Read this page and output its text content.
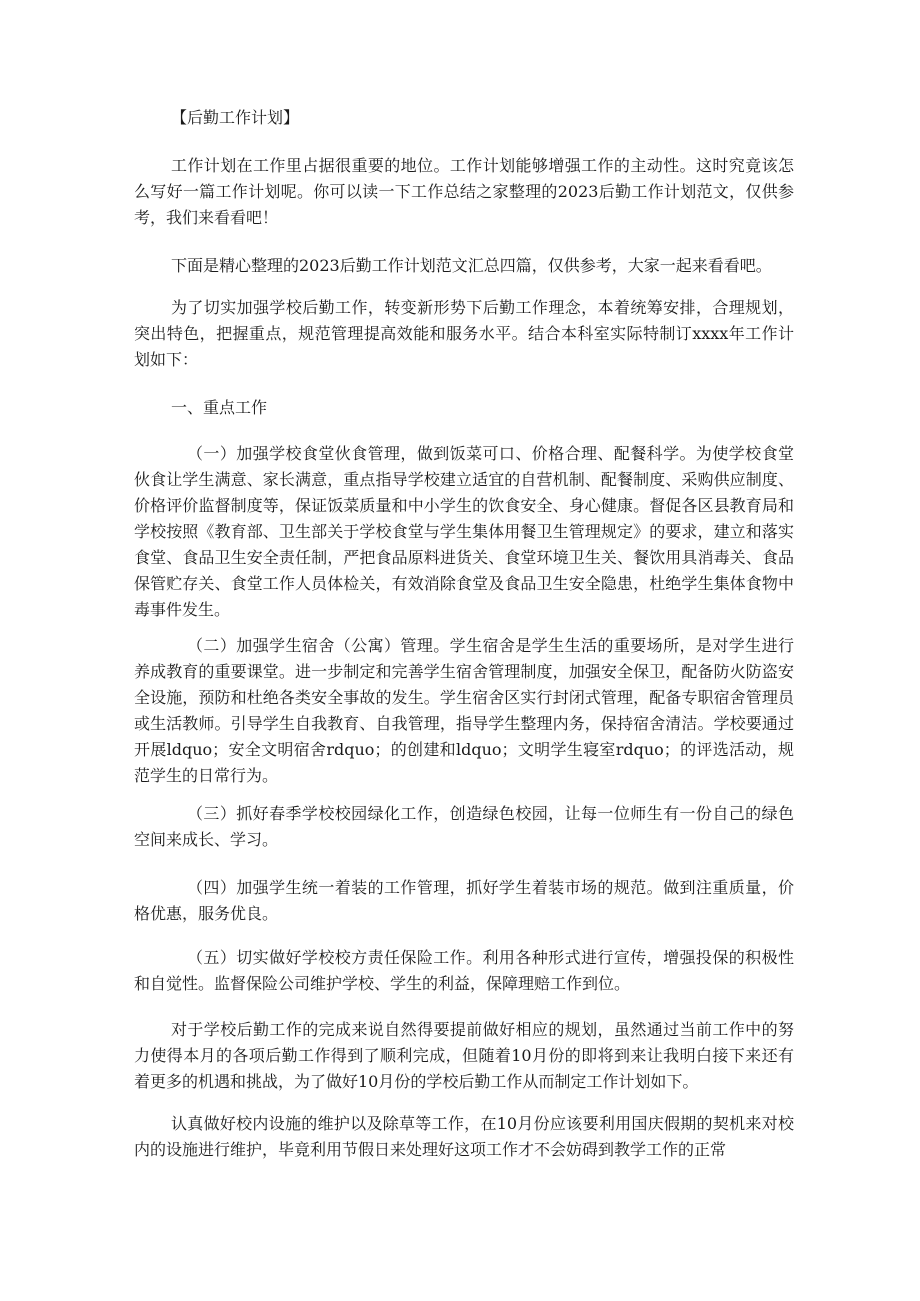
【后勤工作计划】

工作计划在工作里占据很重要的地位。工作计划能够增强工作的主动性。这时究竟该怎么写好一篇工作计划呢。你可以读一下工作总结之家整理的2023后勤工作计划范文，仅供参考，我们来看看吧！

下面是精心整理的2023后勤工作计划范文汇总四篇，仅供参考，大家一起来看看吧。

为了切实加强学校后勤工作，转变新形势下后勤工作理念，本着统筹安排，合理规划，突出特色，把握重点，规范管理提高效能和服务水平。结合本科室实际特制订xxxx年工作计划如下：

一、重点工作

（一）加强学校食堂伙食管理，做到饭菜可口、价格合理、配餐科学。为使学校食堂伙食让学生满意、家长满意，重点指导学校建立适宜的自营机制、配餐制度、采购供应制度、价格评价监督制度等，保证饭菜质量和中小学生的饮食安全、身心健康。督促各区县教育局和学校按照《教育部、卫生部关于学校食堂与学生集体用餐卫生管理规定》的要求，建立和落实食堂、食品卫生安全责任制，严把食品原料进货关、食堂环境卫生关、餐饮用具消毒关、食品保管贮存关、食堂工作人员体检关，有效消除食堂及食品卫生安全隐患，杜绝学生集体食物中毒事件发生。

（二）加强学生宿舍（公寓）管理。学生宿舍是学生生活的重要场所，是对学生进行养成教育的重要课堂。进一步制定和完善学生宿舍管理制度，加强安全保卫，配备防火防盗安全设施，预防和杜绝各类安全事故的发生。学生宿舍区实行封闭式管理，配备专职宿舍管理员或生活教师。引导学生自我教育、自我管理，指导学生整理内务，保持宿舍清洁。学校要通过开展ldquo；安全文明宿舍rdquo；的创建和ldquo；文明学生寝室rdquo；的评选活动，规范学生的日常行为。

（三）抓好春季学校校园绿化工作，创造绿色校园，让每一位师生有一份自己的绿色空间来成长、学习。

（四）加强学生统一着装的工作管理，抓好学生着装市场的规范。做到注重质量，价格优惠，服务优良。

（五）切实做好学校校方责任保险工作。利用各种形式进行宣传，增强投保的积极性和自觉性。监督保险公司维护学校、学生的利益，保障理赔工作到位。

对于学校后勤工作的完成来说自然得要提前做好相应的规划，虽然通过当前工作中的努力使得本月的各项后勤工作得到了顺利完成，但随着10月份的即将到来让我明白接下来还有着更多的机遇和挑战，为了做好10月份的学校后勤工作从而制定工作计划如下。

认真做好校内设施的维护以及除草等工作，在10月份应该要利用国庆假期的契机来对校内的设施进行维护，毕竟利用节假日来处理好这项工作才不会妨碍到教学工作的正常
